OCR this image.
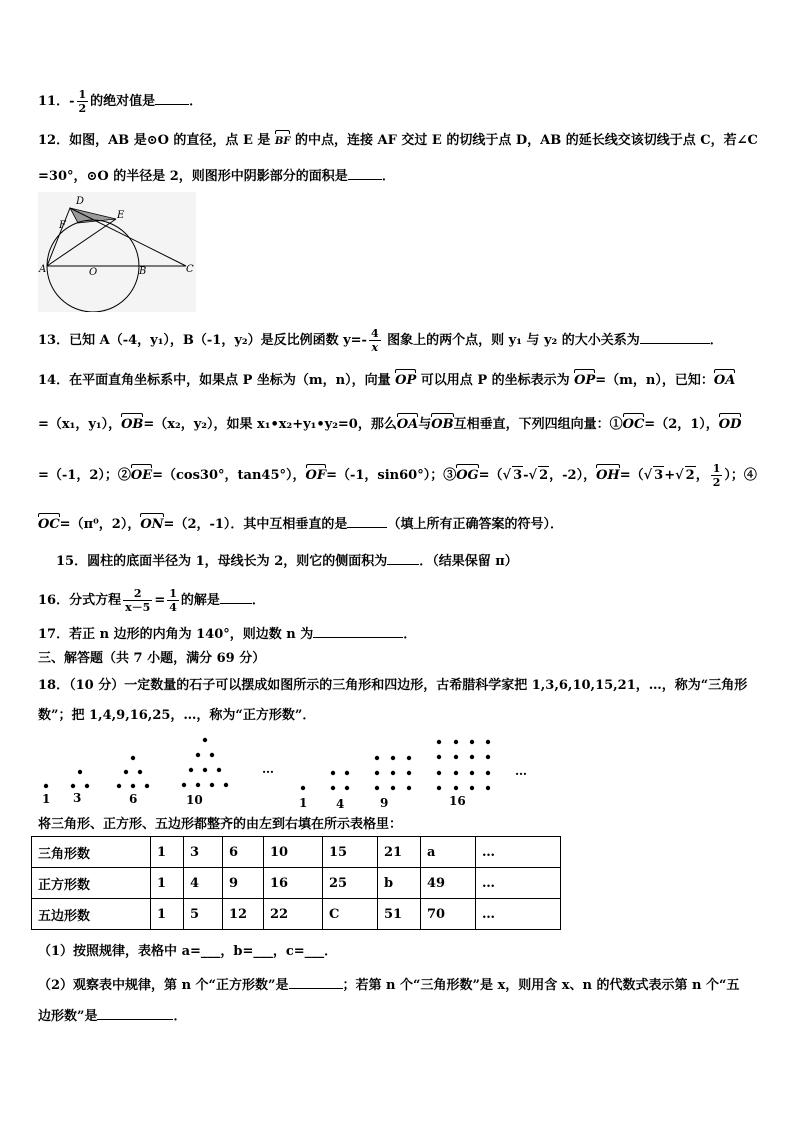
11．- $\frac{1}{2}$ 的绝对值是	．
12．如图，AB 是⊙O 的直径，点 E 是 BF 的中点，连接 AF 交过 E 的切线于点 D，AB 的延长线交该切线于点 C，若∠C
=30°，⊙O 的半径是 2，则图形中阴影部分的面积是	．
D
F
E
A	O	B	C
13．已知 A（-4，y₁），B（-1，y₂）是反比例函数 $y=- \frac{4}{x}$ 图象上的两个点，则 y₁ 与 y₂ 的大小关系为	．
14．在平面直角坐标系中，如果点 P 坐标为（m，n），向量 OP 可以用点 P 的坐标表示为 OP=（m，n），已知：OA
=（x₁，y₁），OB=（x₂，y₂），如果 x₁•x₂+y₁•y₂=0，那么OA与OB互相垂直，下列四组向量：①OC=（2，1），OD
=（-1，2）；②OE=（cos30°，tan45°），OF=（-1，sin60°）；③OG=（√ 3-√ 2，-2），OH=（√ 3+√ 2， $\frac{1}{2}$ ）；④
OC=（π⁰，2），ON=（2，-1）．其中互相垂直的是	（填上所有正确答案的符号）．
15．圆柱的底面半径为 1，母线长为 2，则它的侧面积为 ．（结果保留 π）
16．分式方程 $\frac{2}{x-5} = \frac{1}{4}$ 的解是 ．
17．若正 n 边形的内角为 140°，则边数 n 为	．
三、解答题（共 7 小题，满分 69 分）
18．（10 分）一定数量的石子可以摆成如图所示的三角形和四边形，古希腊科学家把 1,3,6,10,15,21，…，称为“三角形
数”；把 1,4,9,16,25，…，称为“正方形数”．
…	…
1 3	6	10	1 4	9	16
将三角形、正方形、五边形都整齐的由左到右填在所示表格里：
三角形数	1	3	6	10	15	21	a	…
正方形数	1	4	9	16	25	b	49	…
五边形数	1	5	12	22	C	51	70	…
（1）按照规律，表格中 a=___，b=___，c=___．
（2）观察表中规律，第 n 个“正方形数”是	；若第 n 个“三角形数”是 x，则用含 x、n 的代数式表示第 n 个“五
边形数”是	．
